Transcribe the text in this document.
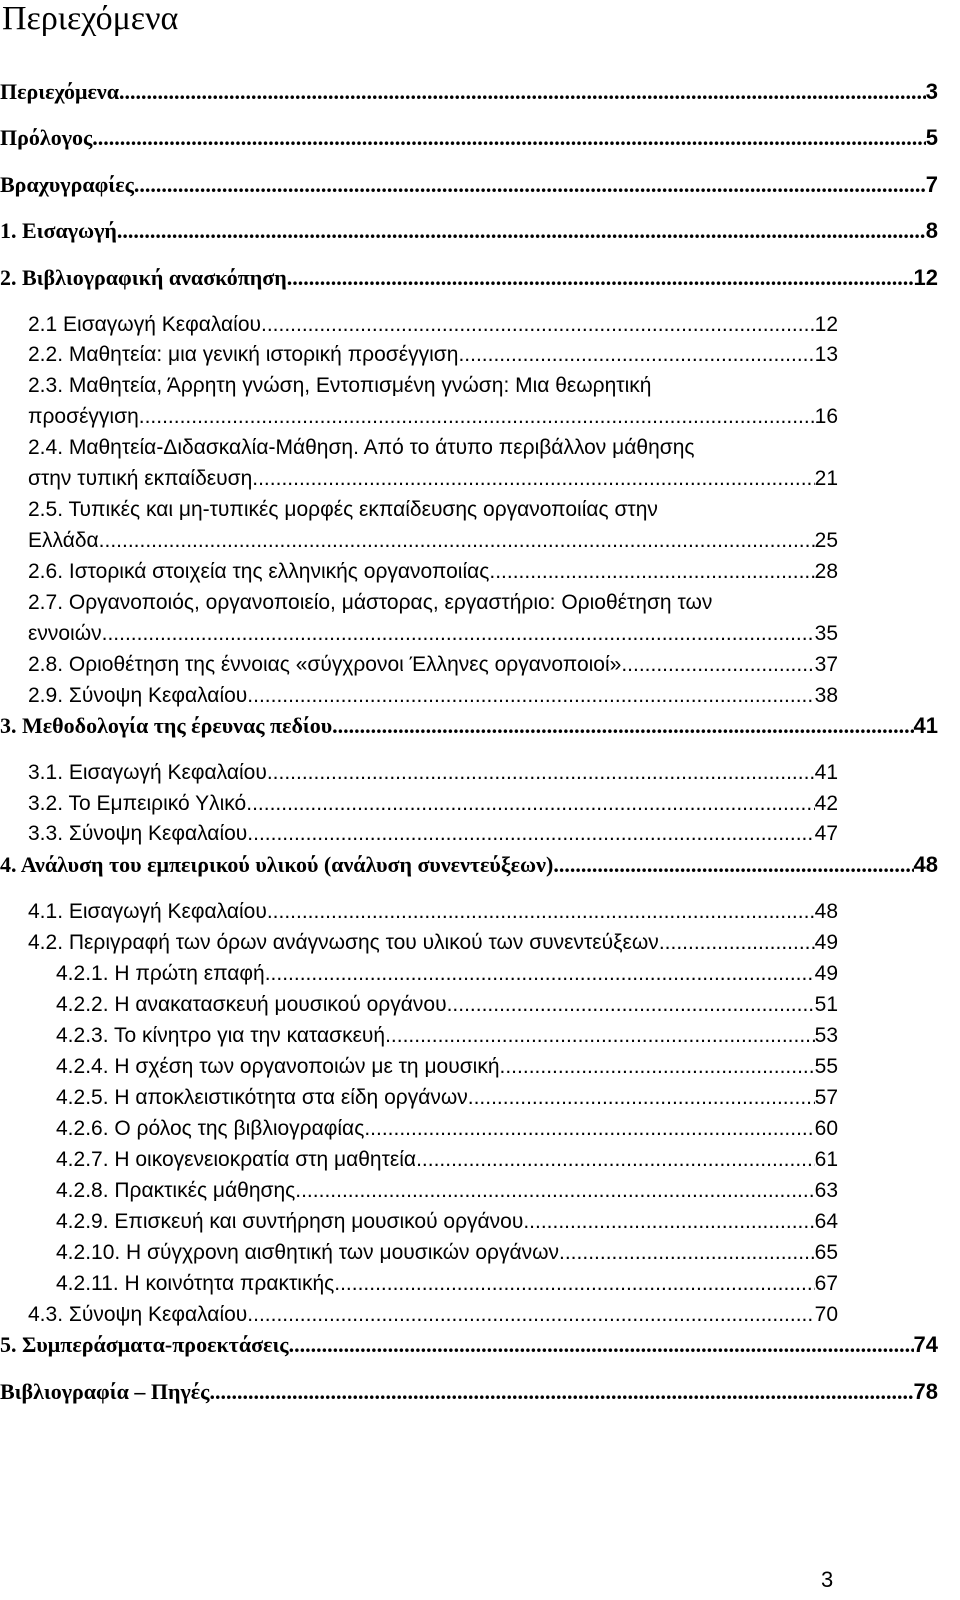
Περιεχόμενα
Περιεχόμενα .....	3
Πρόλογος .....	5
Βραχυγραφίες .....	7
1. Εισαγωγή .....	8
2. Βιβλιογραφική ανασκόπηση .....	12
2.1 Εισαγωγή Κεφαλαίου .....	12
2.2. Μαθητεία: μια γενική ιστορική προσέγγιση .....	13
2.3. Μαθητεία, Άρρητη γνώση, Εντοπισμένη γνώση: Μια θεωρητική
προσέγγιση .....	16
2.4. Μαθητεία-Διδασκαλία-Μάθηση. Από το άτυπο περιβάλλον μάθησης
στην τυπική εκπαίδευση .....	21
2.5. Τυπικές και μη-τυπικές μορφές εκπαίδευσης οργανοποιίας στην
Ελλάδα .....	25
2.6. Ιστορικά στοιχεία της ελληνικής οργανοποιίας .....	28
2.7. Οργανοποιός, οργανοποιείο, μάστορας, εργαστήριο: Οριοθέτηση των
εννοιών .....	35
2.8. Οριοθέτηση της έννοιας «σύγχρονοι Έλληνες οργανοποιοί» .....	37
2.9. Σύνοψη Κεφαλαίου .....	38
3. Μεθοδολογία της έρευνας πεδίου .....	41
3.1. Εισαγωγή Κεφαλαίου .....	41
3.2. Το Εμπειρικό Υλικό .....	42
3.3. Σύνοψη Κεφαλαίου .....	47
4. Ανάλυση του εμπειρικού υλικού (ανάλυση συνεντεύξεων) .....	48
4.1. Εισαγωγή Κεφαλαίου .....	48
4.2. Περιγραφή των όρων ανάγνωσης του υλικού των συνεντεύξεων .....	49
4.2.1. Η πρώτη επαφή .....	49
4.2.2. Η ανακατασκευή μουσικού οργάνου .....	51
4.2.3. Το κίνητρο για την κατασκευή .....	53
4.2.4. Η σχέση των οργανοποιών με τη μουσική .....	55
4.2.5. Η αποκλειστικότητα στα είδη οργάνων .....	57
4.2.6. Ο ρόλος της βιβλιογραφίας .....	60
4.2.7. Η οικογενειοκρατία στη μαθητεία .....	61
4.2.8. Πρακτικές μάθησης .....	63
4.2.9. Επισκευή και συντήρηση μουσικού οργάνου .....	64
4.2.10. Η σύγχρονη αισθητική των μουσικών οργάνων .....	65
4.2.11. Η κοινότητα πρακτικής .....	67
4.3. Σύνοψη Κεφαλαίου .....	70
5. Συμπεράσματα-προεκτάσεις .....	74
Βιβλιογραφία – Πηγές .....	78
3
